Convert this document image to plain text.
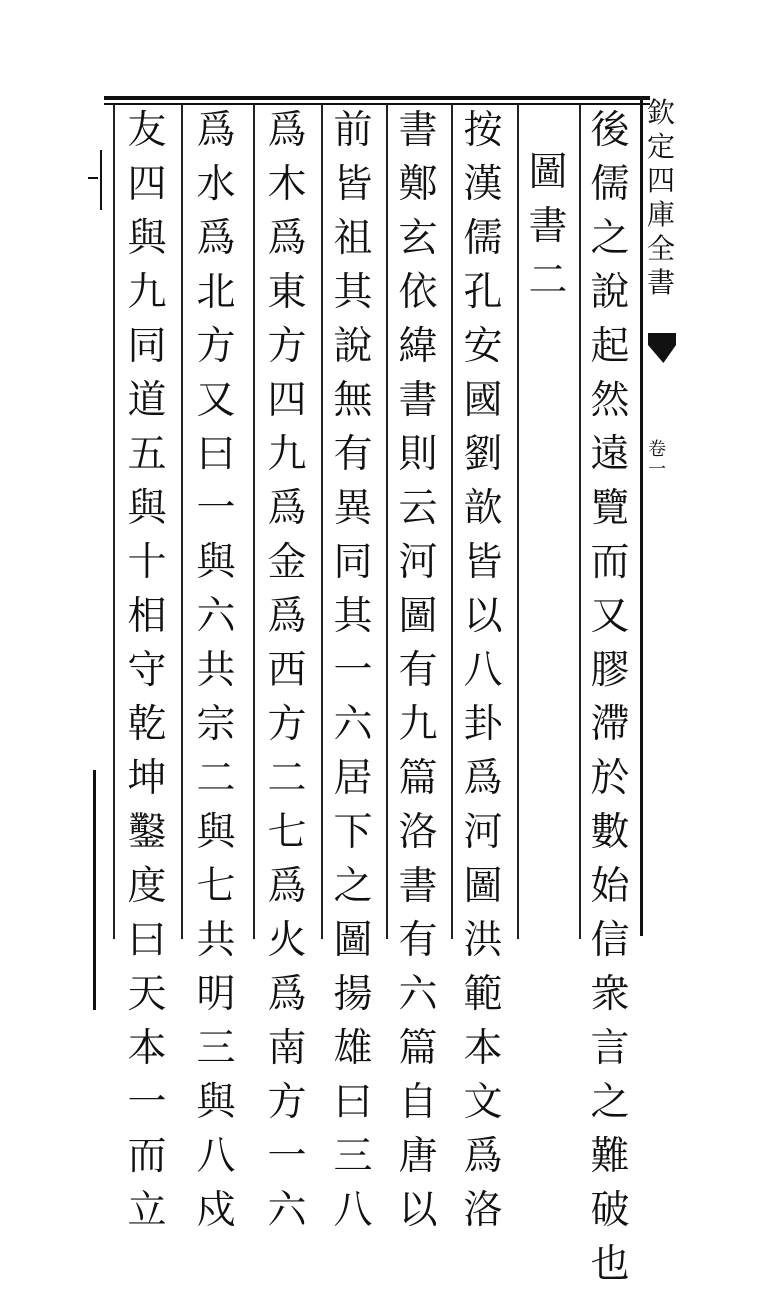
欽
定
四
庫
全
書
卷
一
後
儒
之
說
起
然
遠
覽
而
又
膠
滯
於
數
始
信
衆
言
之
難
破
也
圖
書
二
按
漢
儒
孔
安
國
劉
歆
皆
以
八
卦
爲
河
圖
洪
範
本
文
爲
洛
書
鄭
玄
依
緯
書
則
云
河
圖
有
九
篇
洛
書
有
六
篇
自
唐
以
前
皆
祖
其
說
無
有
異
同
其
一
六
居
下
之
圖
揚
雄
曰
三
八
爲
木
爲
東
方
四
九
爲
金
爲
西
方
二
七
爲
火
爲
南
方
一
六
爲
水
爲
北
方
又
曰
一
與
六
共
宗
二
與
七
共
明
三
與
八
戍
友
四
與
九
同
道
五
與
十
相
守
乾
坤
鑿
度
曰
天
本
一
而
立
